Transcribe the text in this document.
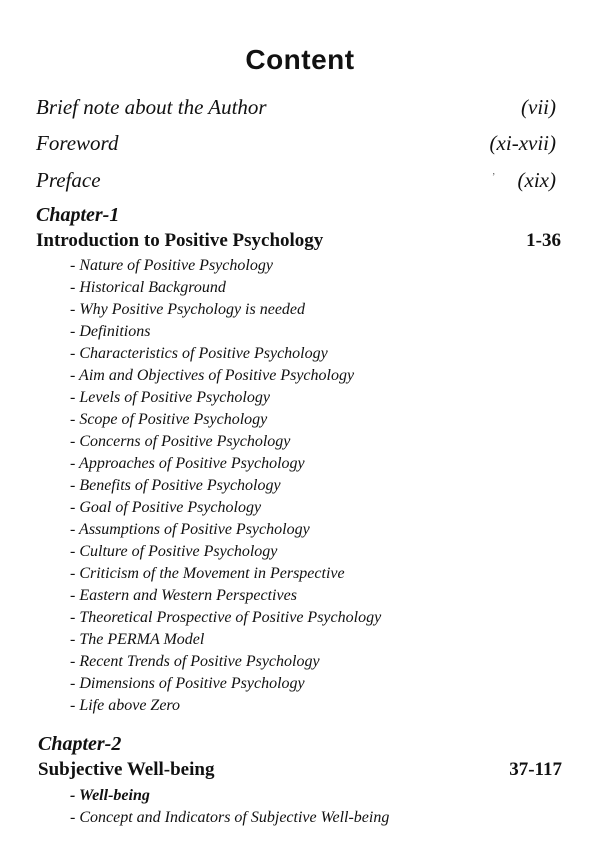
Content
Brief note about the Author	(vii)
Foreword	(xi-xvii)
Preface	(xix)
Chapter-1
Introduction to Positive Psychology	1-36
- Nature of Positive Psychology
- Historical Background
- Why Positive Psychology is needed
- Definitions
- Characteristics of Positive Psychology
- Aim and Objectives of Positive Psychology
- Levels of Positive Psychology
- Scope of Positive Psychology
- Concerns of Positive Psychology
- Approaches of Positive Psychology
- Benefits of Positive Psychology
- Goal of Positive Psychology
- Assumptions of Positive Psychology
- Culture of Positive Psychology
- Criticism of the Movement in Perspective
- Eastern and Western Perspectives
- Theoretical Prospective of Positive Psychology
- The PERMA Model
- Recent Trends of Positive Psychology
- Dimensions of Positive Psychology
- Life above Zero
Chapter-2
Subjective Well-being	37-117
- Well-being
- Concept and Indicators of Subjective Well-being
ʼ
